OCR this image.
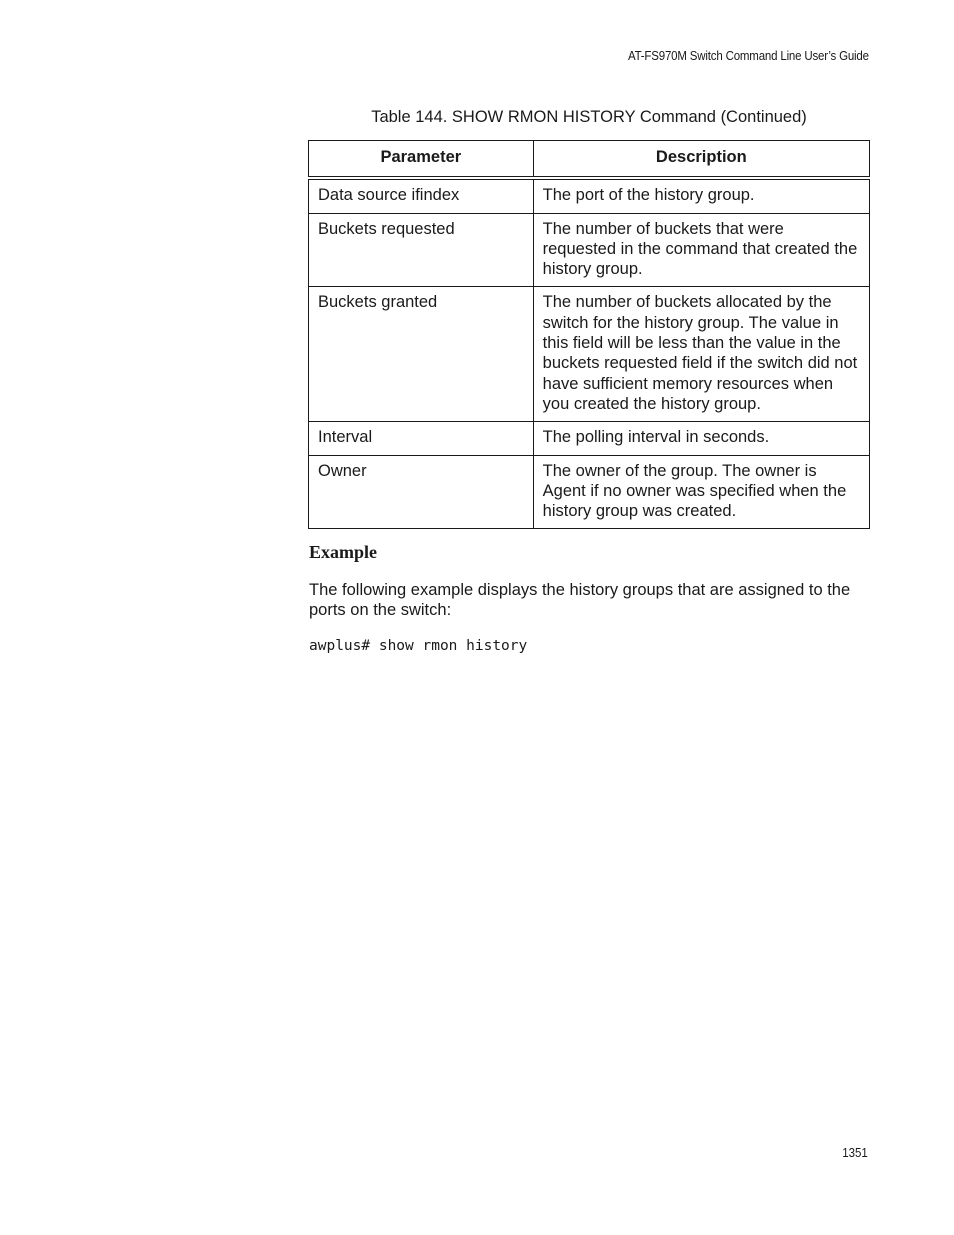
AT-FS970M Switch Command Line User’s Guide
Table 144. SHOW RMON HISTORY Command (Continued)
Parameter	Description
Data source ifindex	The port of the history group.
Buckets requested	The number of buckets that were requested in the command that created the history group.
Buckets granted	The number of buckets allocated by the switch for the history group. The value in this field will be less than the value in the buckets requested field if the switch did not have sufficient memory resources when you created the history group.
Interval	The polling interval in seconds.
Owner	The owner of the group. The owner is Agent if no owner was specified when the history group was created.
Example
The following example displays the history groups that are assigned to the ports on the switch:
awplus# show rmon history
1351
